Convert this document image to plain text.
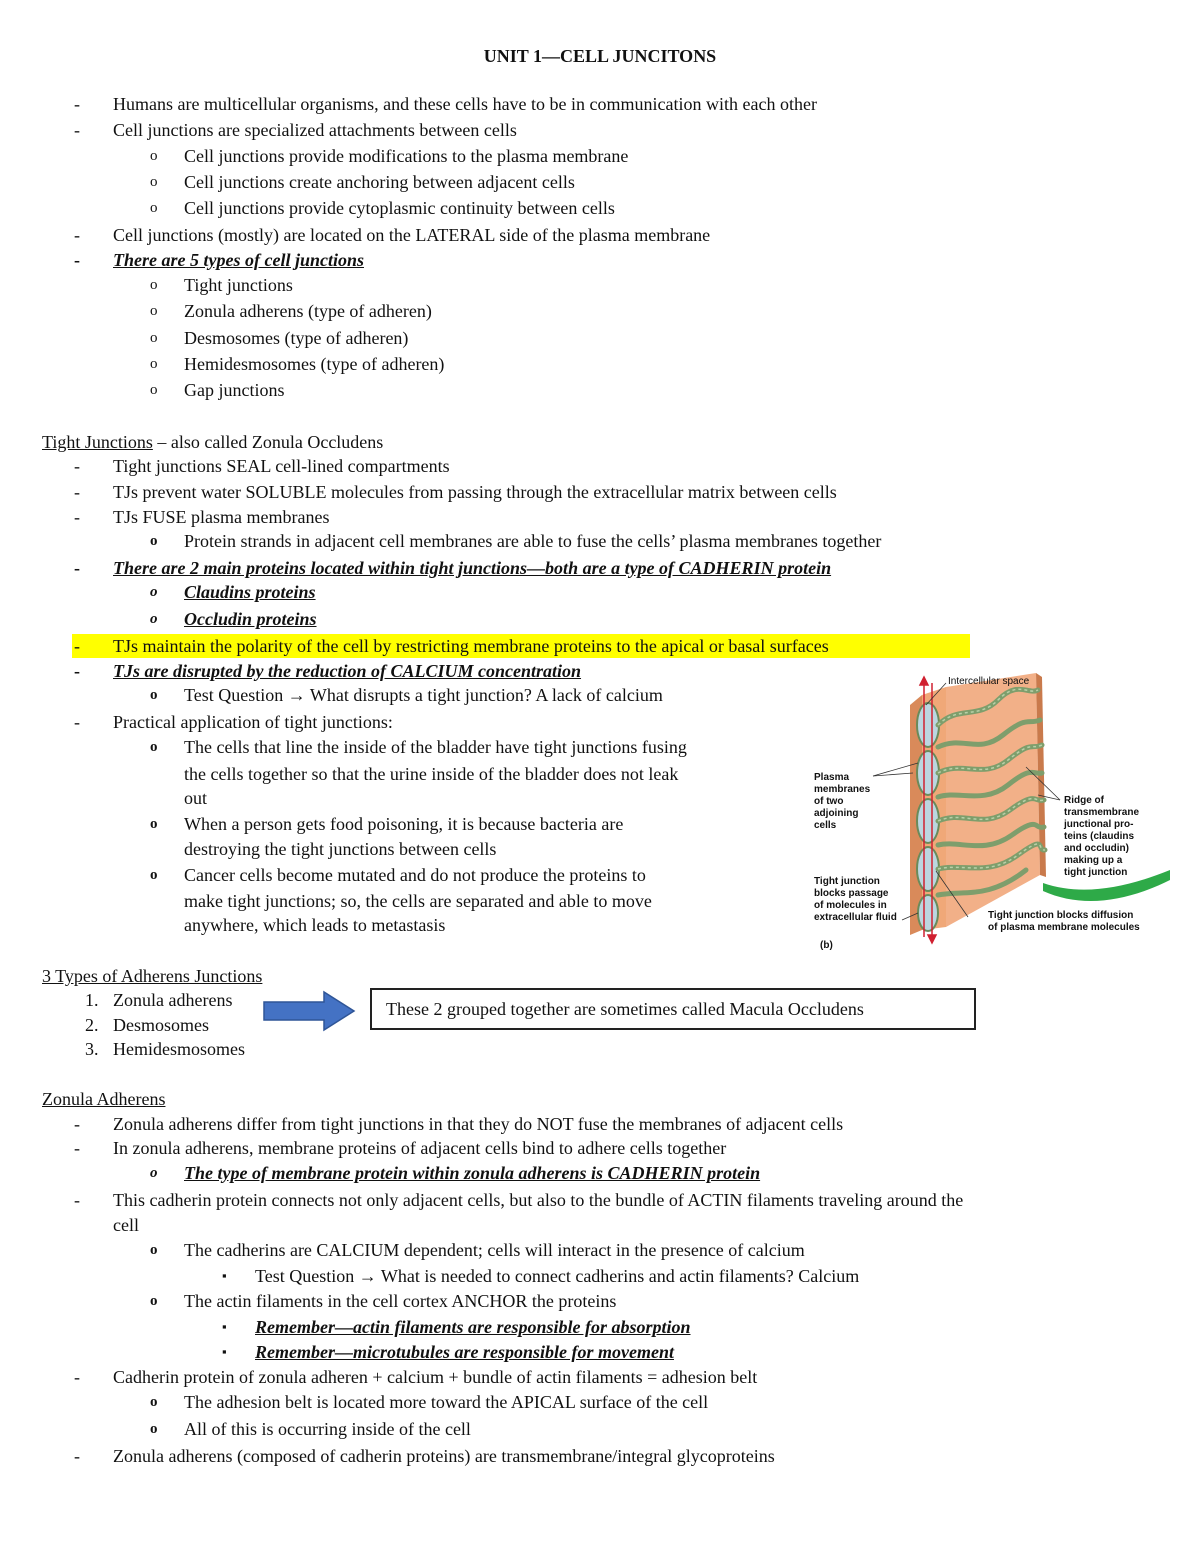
UNIT 1—CELL JUNCITONS
- Humans are multicellular organisms, and these cells have to be in communication with each other
- Cell junctions are specialized attachments between cells
o Cell junctions provide modifications to the plasma membrane
o Cell junctions create anchoring between adjacent cells
o Cell junctions provide cytoplasmic continuity between cells
- Cell junctions (mostly) are located on the LATERAL side of the plasma membrane
- There are 5 types of cell junctions
o Tight junctions
o Zonula adherens (type of adheren)
o Desmosomes (type of adheren)
o Hemidesmosomes (type of adheren)
o Gap junctions
Tight Junctions – also called Zonula Occludens
- Tight junctions SEAL cell-lined compartments
- TJs prevent water SOLUBLE molecules from passing through the extracellular matrix between cells
- TJs FUSE plasma membranes
o Protein strands in adjacent cell membranes are able to fuse the cells’ plasma membranes together
- There are 2 main proteins located within tight junctions—both are a type of CADHERIN protein
o Claudins proteins
o Occludin proteins
- TJs maintain the polarity of the cell by restricting membrane proteins to the apical or basal surfaces
- TJs are disrupted by the reduction of CALCIUM concentration
o Test Question → What disrupts a tight junction? A lack of calcium
- Practical application of tight junctions:
o The cells that line the inside of the bladder have tight junctions fusing
the cells together so that the urine inside of the bladder does not leak
out
o When a person gets food poisoning, it is because bacteria are
destroying the tight junctions between cells
o Cancer cells become mutated and do not produce the proteins to
make tight junctions; so, the cells are separated and able to move
anywhere, which leads to metastasis
Intercellular space
Plasma
membranes
of two
adjoining
cells
Ridge of
transmembrane
junctional pro-
teins (claudins
and occludin)
making up a
tight junction
Tight junction
blocks passage
of molecules in
extracellular fluid	Tight junction blocks diffusion
of plasma membrane molecules
(b)
3 Types of Adherens Junctions
1. Zonula adherens
2. Desmosomes
3. Hemidesmosomes
These 2 grouped together are sometimes called Macula Occludens
Zonula Adherens
- Zonula adherens differ from tight junctions in that they do NOT fuse the membranes of adjacent cells
- In zonula adherens, membrane proteins of adjacent cells bind to adhere cells together
o The type of membrane protein within zonula adherens is CADHERIN protein
- This cadherin protein connects not only adjacent cells, but also to the bundle of ACTIN filaments traveling around the
cell
o The cadherins are CALCIUM dependent; cells will interact in the presence of calcium
▪ Test Question → What is needed to connect cadherins and actin filaments? Calcium
o The actin filaments in the cell cortex ANCHOR the proteins
▪ Remember—actin filaments are responsible for absorption
▪ Remember—microtubules are responsible for movement
- Cadherin protein of zonula adheren + calcium + bundle of actin filaments = adhesion belt
o The adhesion belt is located more toward the APICAL surface of the cell
o All of this is occurring inside of the cell
- Zonula adherens (composed of cadherin proteins) are transmembrane/integral glycoproteins
